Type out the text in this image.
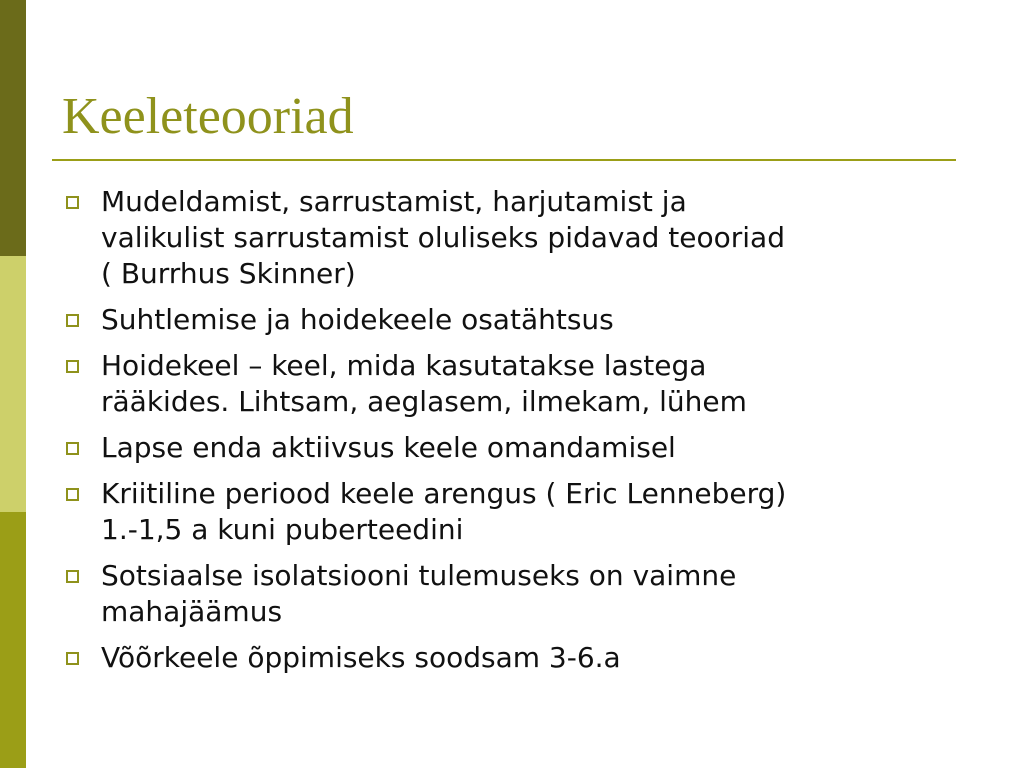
Keeleteooriad
Mudeldamist, sarrustamist, harjutamist ja
valikulist sarrustamist oluliseks pidavad teooriad
( Burrhus Skinner)
Suhtlemise ja hoidekeele osatähtsus
Hoidekeel – keel, mida kasutatakse lastega
rääkides. Lihtsam, aeglasem, ilmekam, lühem
Lapse enda aktiivsus keele omandamisel
Kriitiline periood keele arengus ( Eric Lenneberg)
1.-1,5 a kuni puberteedini
Sotsiaalse isolatsiooni tulemuseks on vaimne
mahajäämus
Võõrkeele õppimiseks soodsam 3-6.a
